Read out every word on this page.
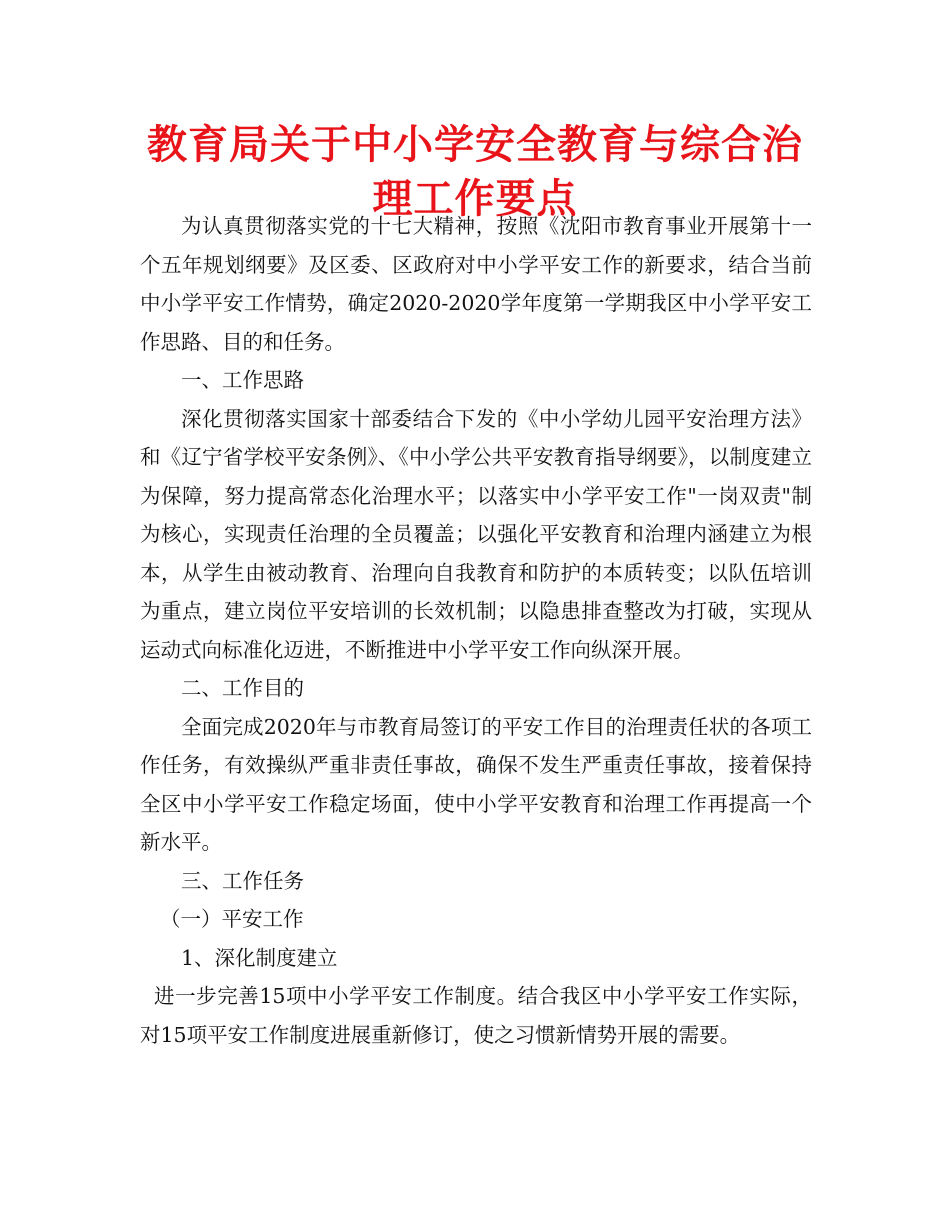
教育局关于中小学安全教育与综合治理工作要点

为认真贯彻落实党的十七大精神，按照《沈阳市教育事业开展第十一个五年规划纲要》及区委、区政府对中小学平安工作的新要求，结合当前中小学平安工作情势，确定2020-2020学年度第一学期我区中小学平安工作思路、目的和任务。

一、工作思路

深化贯彻落实国家十部委结合下发的《中小学幼儿园平安治理方法》和《辽宁省学校平安条例》、《中小学公共平安教育指导纲要》，以制度建立为保障，努力提高常态化治理水平；以落实中小学平安工作"一岗双责"制为核心，实现责任治理的全员覆盖；以强化平安教育和治理内涵建立为根本，从学生由被动教育、治理向自我教育和防护的本质转变；以队伍培训为重点，建立岗位平安培训的长效机制；以隐患排查整改为打破，实现从运动式向标准化迈进，不断推进中小学平安工作向纵深开展。

二、工作目的

全面完成2020年与市教育局签订的平安工作目的治理责任状的各项工作任务，有效操纵严重非责任事故，确保不发生严重责任事故，接着保持全区中小学平安工作稳定场面，使中小学平安教育和治理工作再提高一个新水平。

三、工作任务

（一）平安工作

1、深化制度建立

进一步完善15项中小学平安工作制度。结合我区中小学平安工作实际，对15项平安工作制度进展重新修订，使之习惯新情势开展的需要。
